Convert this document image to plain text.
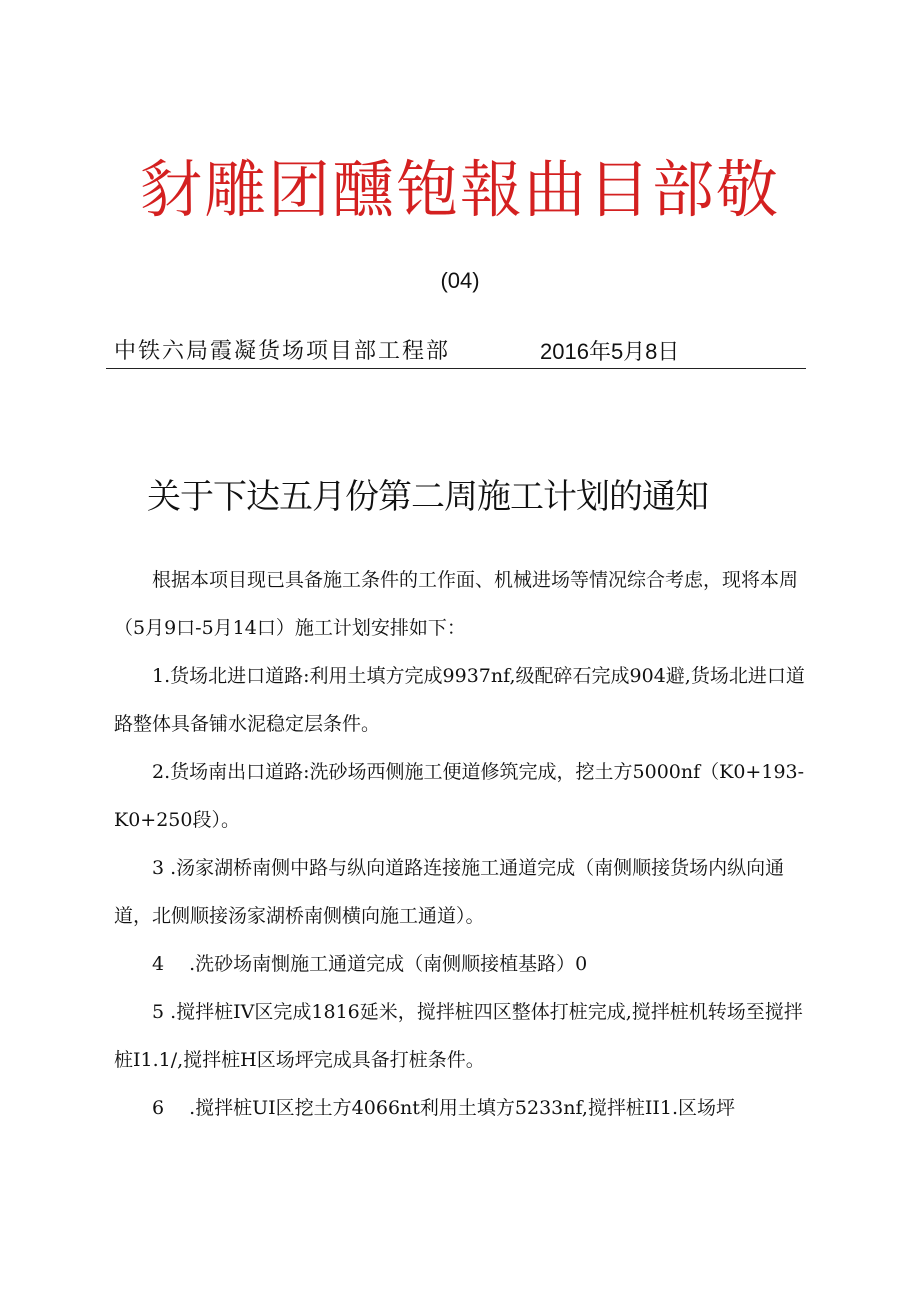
豺雕团醺铇報曲目部敬
(04)
中铁六局霞凝货场项目部工程部	2016年5月8日
关于下达五月份第二周施工计划的通知

根据本项目现已具备施工条件的工作面、机械进场等情况综合考虑，现将本周（5月9口-5月14口）施工计划安排如下：

1.货场北进口道路:利用土填方完成9937nf,级配碎石完成904避,货场北进口道路整体具备铺水泥稳定层条件。

2.货场南出口道路:洗砂场西侧施工便道修筑完成，挖土方5000nf（K0+193-K0+250段）。

3 .汤家湖桥南侧中路与纵向道路连接施工通道完成（南侧顺接货场内纵向通道，北侧顺接汤家湖桥南侧横向施工通道）。

4　 .洗砂场南惻施工通道完成（南侧顺接植基路）0

5 .搅拌桩IV区完成1816延米，搅拌桩四区整体打桩完成,搅拌桩机转场至搅拌桩I1.1/,搅拌桩H区场坪完成具备打桩条件。

6　 .搅拌桩UI区挖土方4066nt利用土填方5233nf,搅拌桩II1.区场坪
